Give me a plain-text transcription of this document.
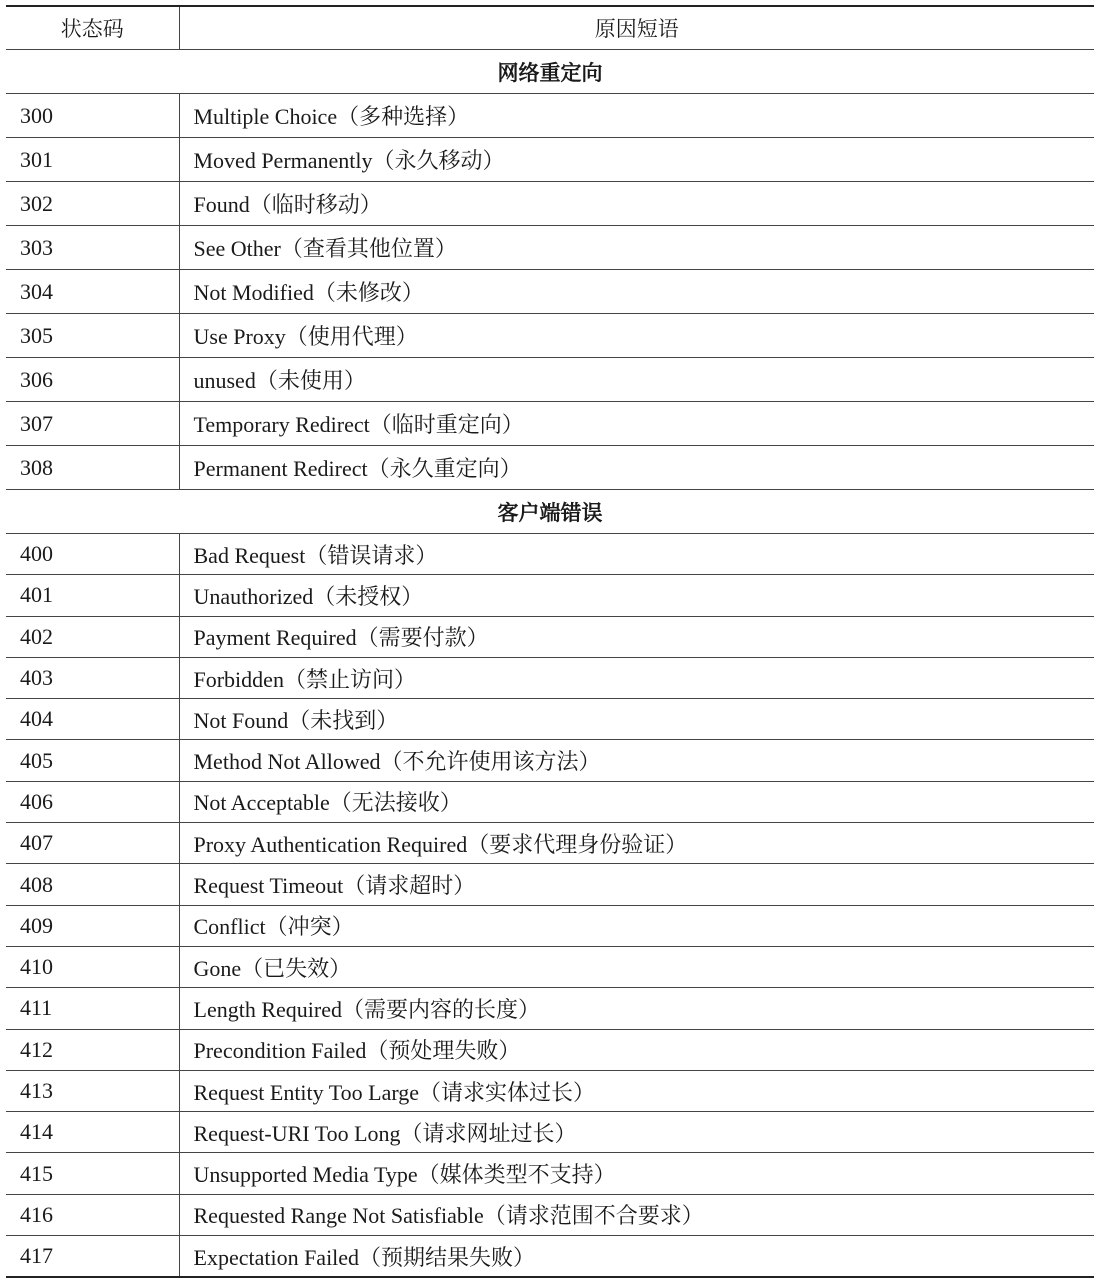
状态码	原因短语
网络重定向	
300	Multiple Choice（多种选择）
301	Moved Permanently（永久移动）
302	Found（临时移动）
303	See Other（查看其他位置）
304	Not Modified（未修改）
305	Use Proxy（使用代理）
306	unused（未使用）
307	Temporary Redirect（临时重定向）
308	Permanent Redirect（永久重定向）
客户端错误	
400	Bad Request（错误请求）
401	Unauthorized（未授权）
402	Payment Required（需要付款）
403	Forbidden（禁止访问）
404	Not Found（未找到）
405	Method Not Allowed（不允许使用该方法）
406	Not Acceptable（无法接收）
407	Proxy Authentication Required（要求代理身份验证）
408	Request Timeout（请求超时）
409	Conflict（冲突）
410	Gone（已失效）
411	Length Required（需要内容的长度）
412	Precondition Failed（预处理失败）
413	Request Entity Too Large（请求实体过长）
414	Request-URI Too Long（请求网址过长）
415	Unsupported Media Type（媒体类型不支持）
416	Requested Range Not Satisfiable（请求范围不合要求）
417	Expectation Failed（预期结果失败）
